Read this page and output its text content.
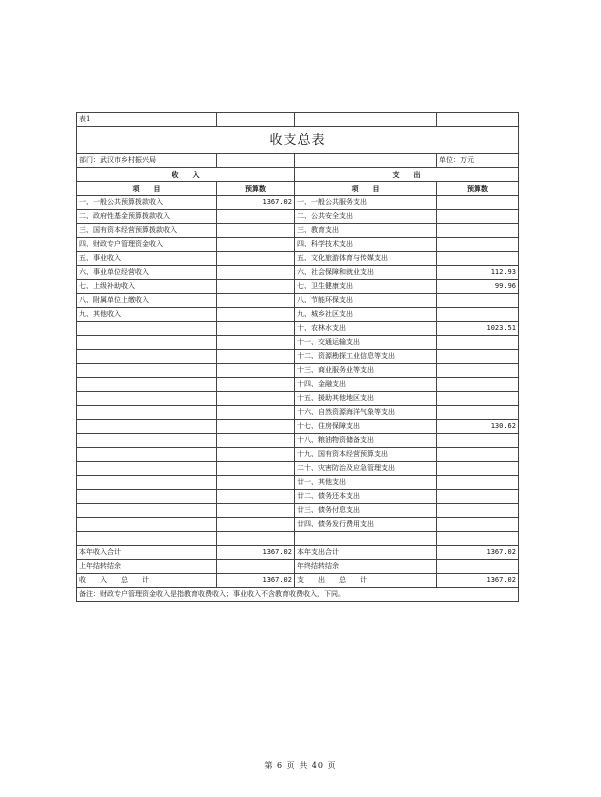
表1			
收支总表			
部门：武汉市乡村振兴局			单位：万元
收　　入		支　　出	
项　　目	预算数	项　　目	预算数
一、一般公共预算拨款收入	1367.02	一、一般公共服务支出	
二、政府性基金预算拨款收入		二、公共安全支出	
三、国有资本经营预算拨款收入		三、教育支出	
四、财政专户管理资金收入		四、科学技术支出	
五、事业收入		五、文化旅游体育与传媒支出	
六、事业单位经营收入		六、社会保障和就业支出	112.93
七、上级补助收入		七、卫生健康支出	99.96
八、附属单位上缴收入		八、节能环保支出	
九、其他收入		九、城乡社区支出	
		十、农林水支出	1023.51
		十一、交通运输支出	
		十二、资源勘探工业信息等支出	
		十三、商业服务业等支出	
		十四、金融支出	
		十五、援助其他地区支出	
		十六、自然资源海洋气象等支出	
		十七、住房保障支出	130.62
		十八、粮油物资储备支出	
		十九、国有资本经营预算支出	
		二十、灾害防治及应急管理支出	
		廿一、其他支出	
		廿二、债务还本支出	
		廿三、债务付息支出	
		廿四、债务发行费用支出	

本年收入合计	1367.02	本年支出合计	1367.02
上年结转结余		年终结转结余	
收　　入　　总　　计	1367.02	支　　出　　总　　计	1367.02
备注：财政专户管理资金收入是指教育收费收入；事业收入不含教育收费收入，下同。			
第 6 页 共 40 页
